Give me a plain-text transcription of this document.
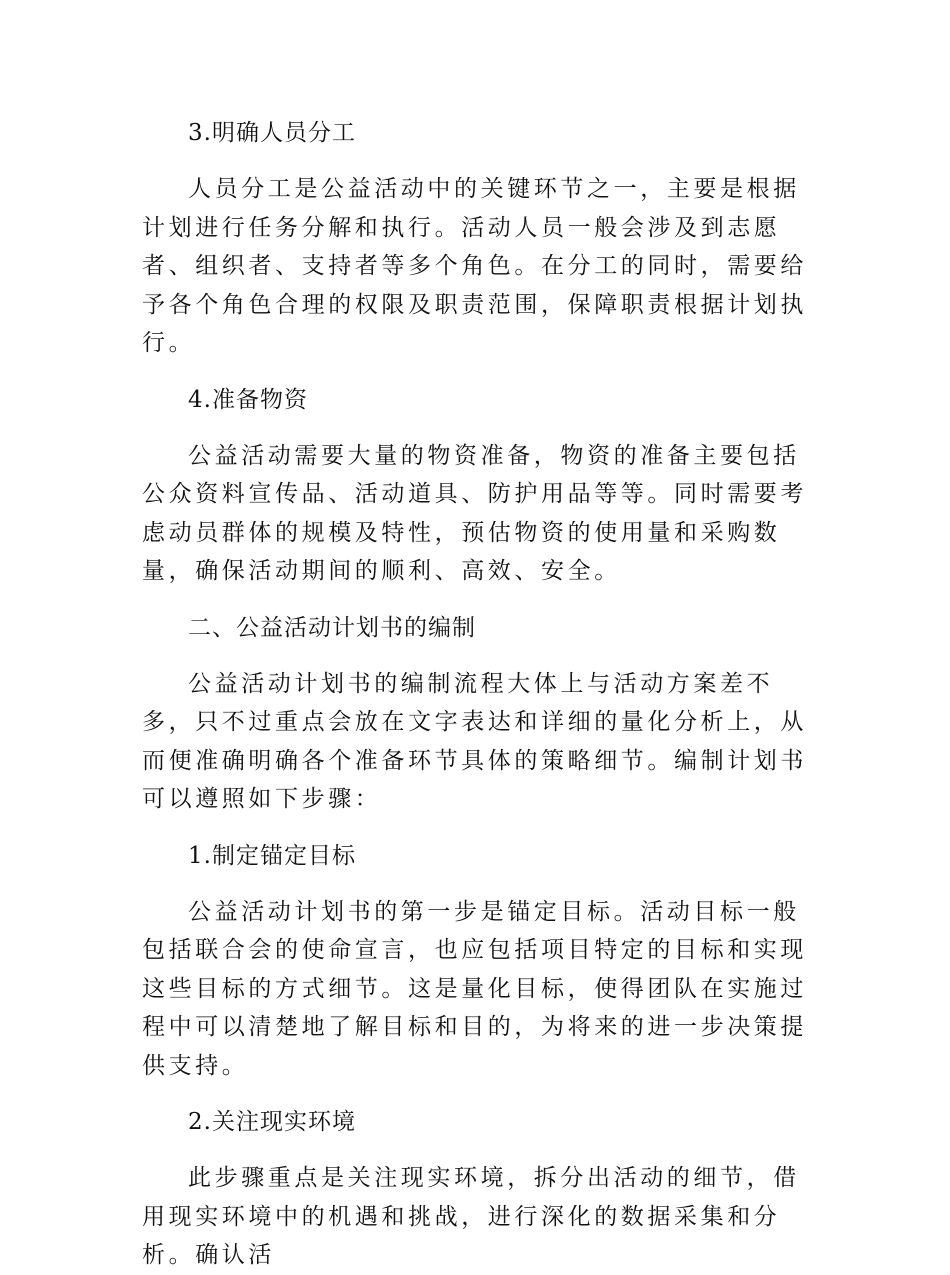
3.明确人员分工

人员分工是公益活动中的关键环节之一，主要是根据计划进行任务分解和执行。活动人员一般会涉及到志愿者、组织者、支持者等多个角色。在分工的同时，需要给予各个角色合理的权限及职责范围，保障职责根据计划执行。

4.准备物资

公益活动需要大量的物资准备，物资的准备主要包括公众资料宣传品、活动道具、防护用品等等。同时需要考虑动员群体的规模及特性，预估物资的使用量和采购数量，确保活动期间的顺利、高效、安全。

二、公益活动计划书的编制

公益活动计划书的编制流程大体上与活动方案差不多，只不过重点会放在文字表达和详细的量化分析上，从而便准确明确各个准备环节具体的策略细节。编制计划书可以遵照如下步骤：

1.制定锚定目标

公益活动计划书的第一步是锚定目标。活动目标一般包括联合会的使命宣言，也应包括项目特定的目标和实现这些目标的方式细节。这是量化目标，使得团队在实施过程中可以清楚地了解目标和目的，为将来的进一步决策提供支持。

2.关注现实环境

此步骤重点是关注现实环境，拆分出活动的细节，借用现实环境中的机遇和挑战，进行深化的数据采集和分析。确认活
